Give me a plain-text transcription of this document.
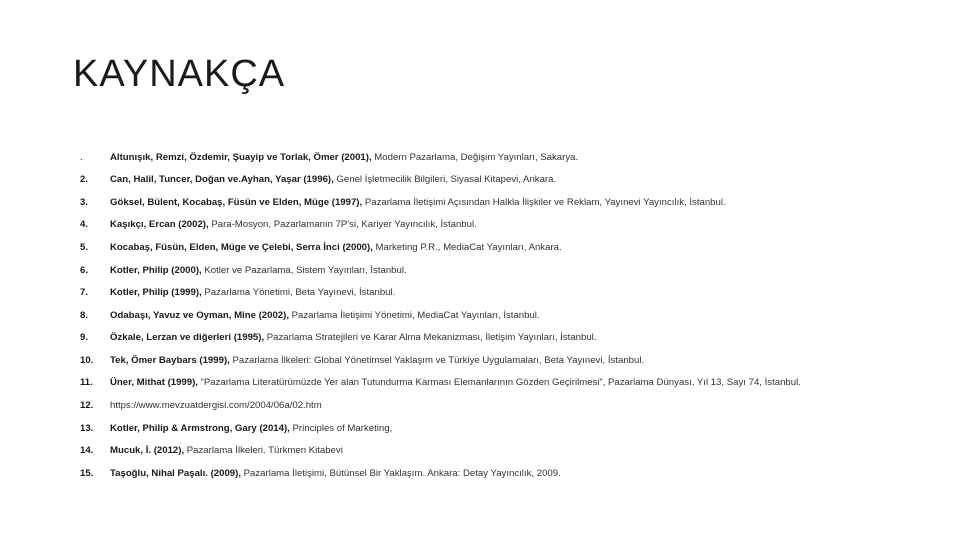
KAYNAKÇA
.	Altunışık, Remzi, Özdemir, Şuayip ve Torlak, Ömer (2001), Modern Pazarlama, Değişim Yayınları, Sakarya.
2.	Can, Halil, Tuncer, Doğan ve.Ayhan, Yaşar (1996), Genel İşletmecilik Bilgileri, Siyasal Kitapevi, Ankara.
3.	Göksel, Bülent, Kocabaş, Füsün ve Elden, Müge (1997), Pazarlama İletişimi Açısından Halkla İlişkiler ve Reklam, Yayınevi Yayıncılık, İstanbul.
4.	Kaşıkçı, Ercan (2002), Para-Mosyon, Pazarlamanın 7P'si, Kariyer Yayıncılık, İstanbul.
5.	Kocabaş, Füsün, Elden, Müge ve Çelebi, Serra İnci (2000), Marketing P.R., MediaCat Yayınları, Ankara.
6.	Kotler, Philip (2000), Kotler ve Pazarlama, Sistem Yayınları, İstanbul.
7.	Kotler, Philip (1999), Pazarlama Yönetimi, Beta Yayınevi, İstanbul.
8.	Odabaşı, Yavuz ve Oyman, Mine (2002), Pazarlama İletişimi Yönetimi, MediaCat Yayınları, İstanbul.
9.	Özkale, Lerzan ve diğerleri (1995), Pazarlama Stratejileri ve Karar Alma Mekanizması, İletişim Yayınları, İstanbul.
10.	Tek, Ömer Baybars (1999), Pazarlama İlkeleri: Global Yönetimsel Yaklaşım ve Türkiye Uygulamaları, Beta Yayınevi, İstanbul.
11.	Üner, Mithat (1999), “Pazarlama Literatürümüzde Yer alan Tutundurma Karması Elemanlarının Gözden Geçirilmesi”, Pazarlama Dünyası, Yıl 13, Sayı 74, İstanbul.
12.	https://www.mevzuatdergisi.com/2004/06a/02.htm
13.	Kotler, Philip & Armstrong, Gary (2014), Principles of Marketing,
14.	Mucuk, İ. (2012), Pazarlama İlkeleri. Türkmen Kitabevi
15.	Taşoğlu, Nihal Paşalı. (2009), Pazarlama İletişimi, Bütünsel Bir Yaklaşım. Ankara: Detay Yayıncılık, 2009.
